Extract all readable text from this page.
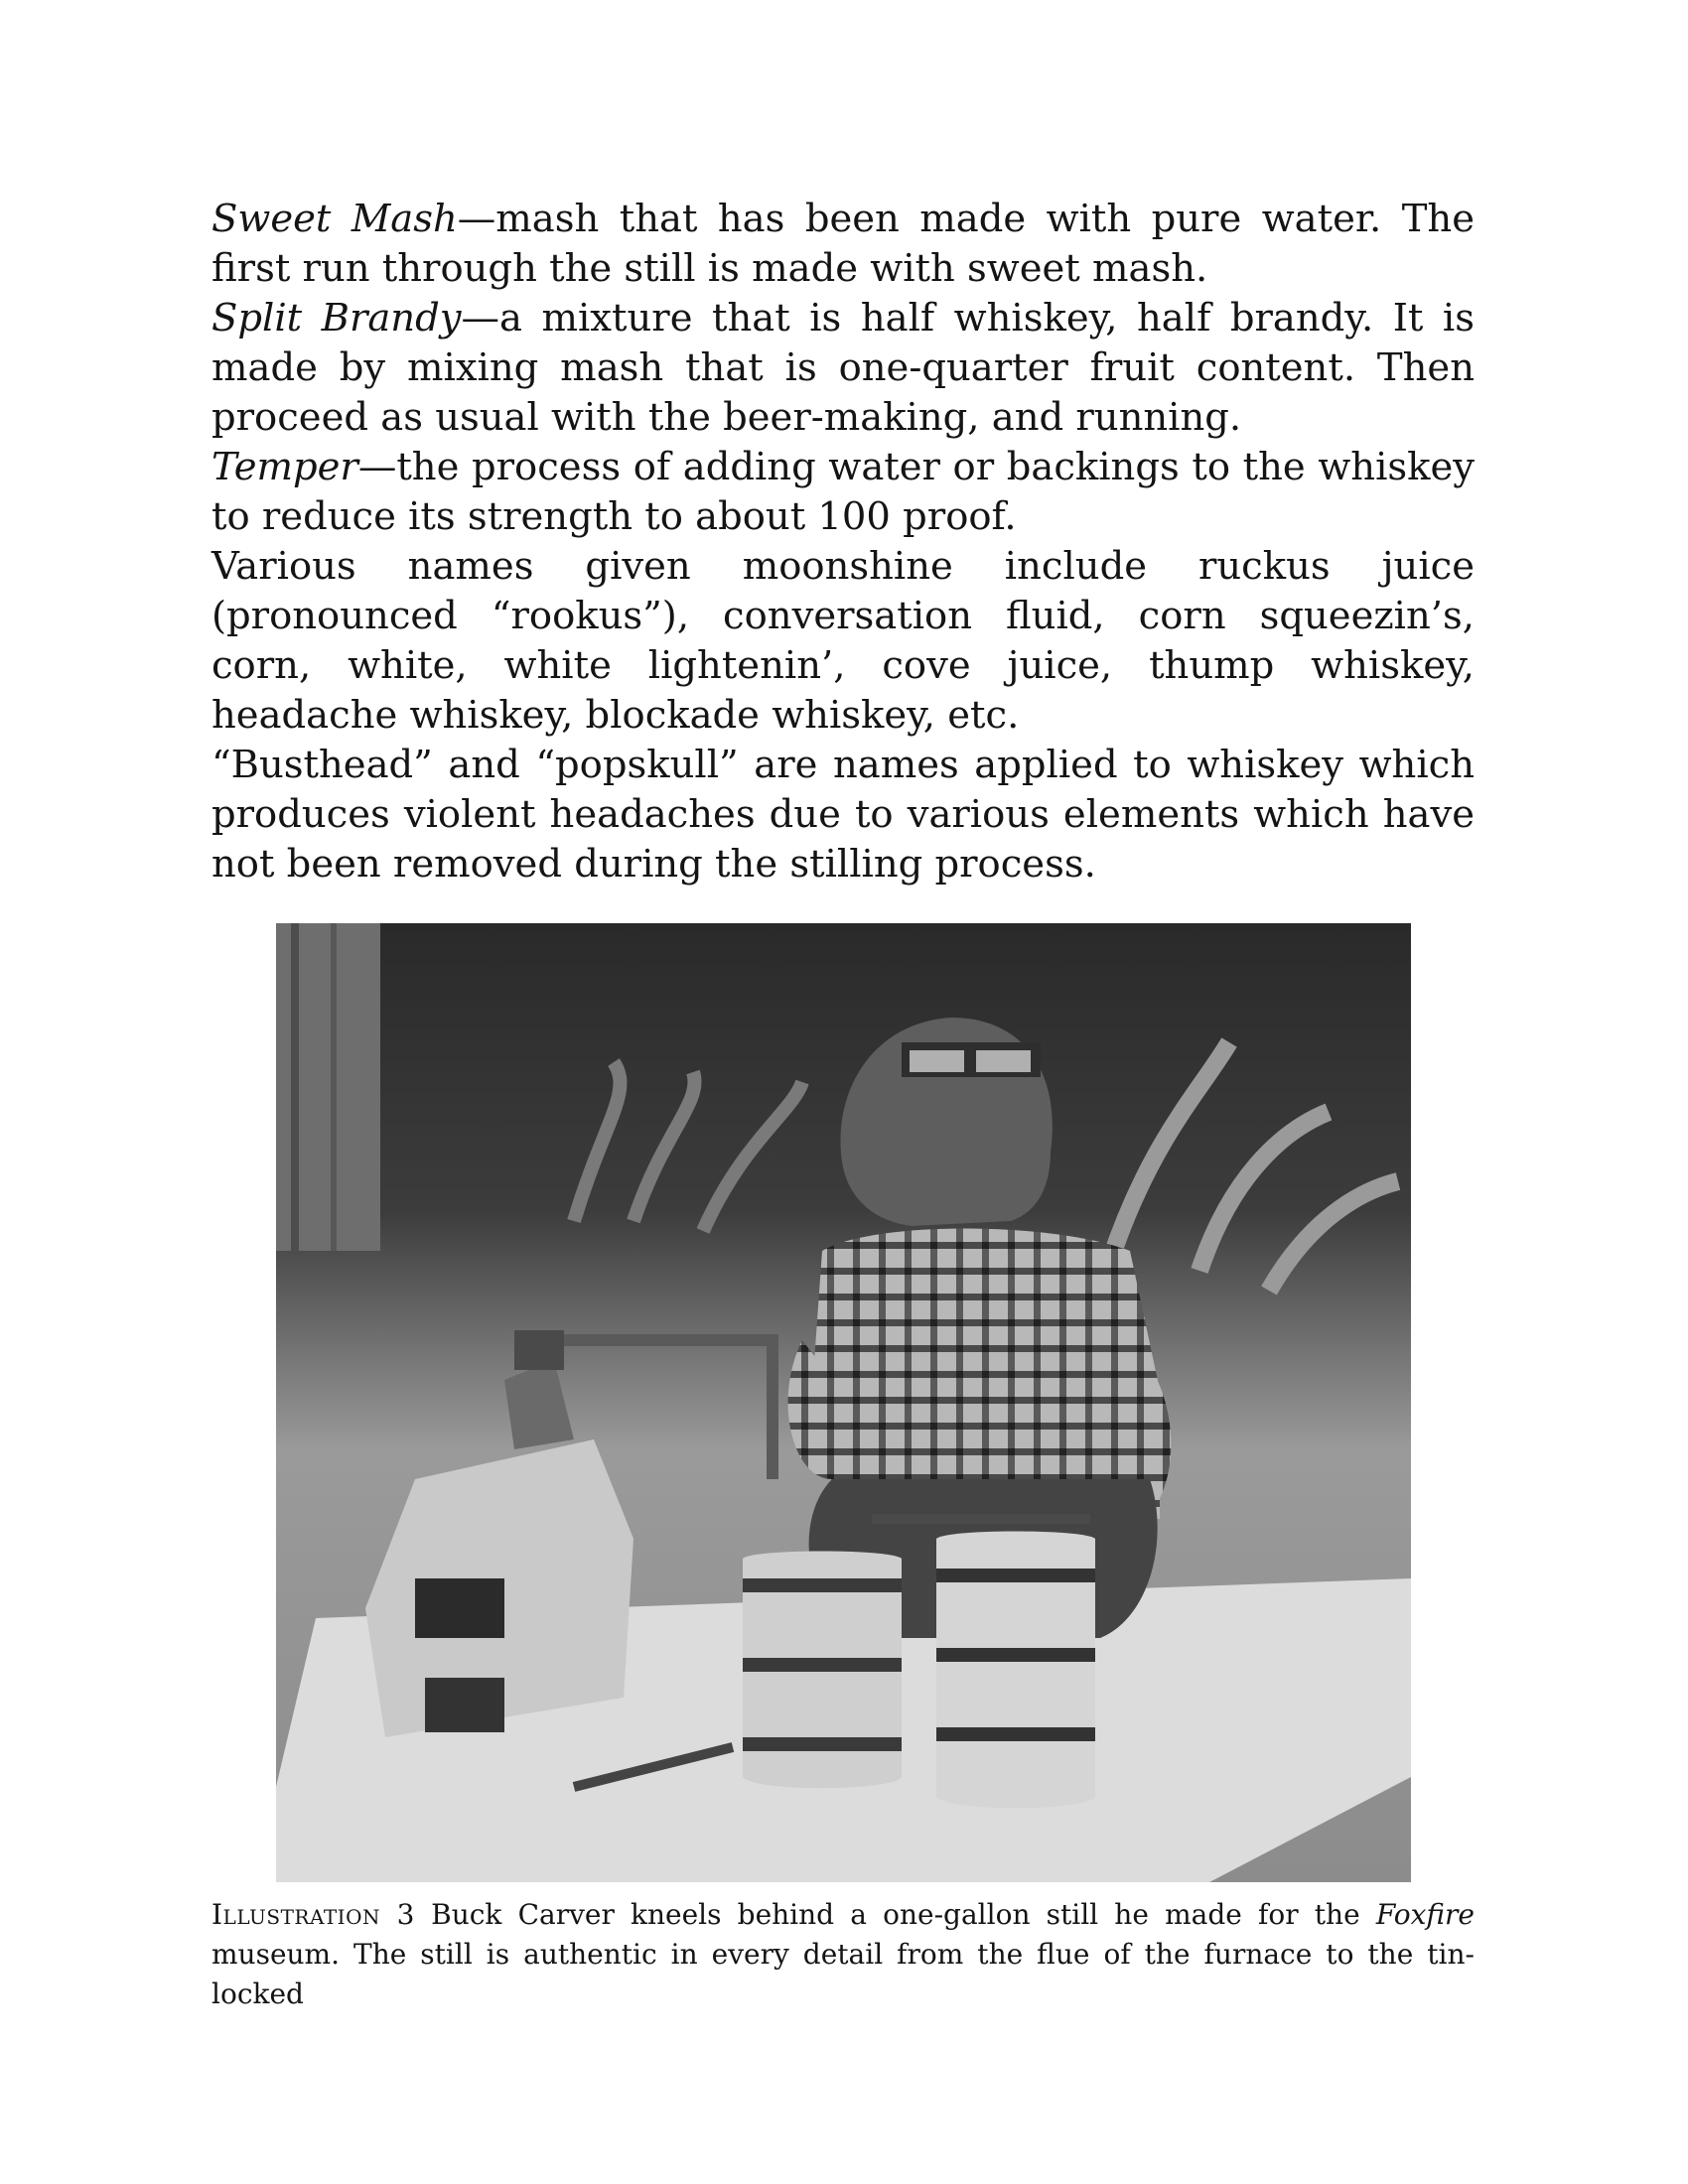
Sweet Mash—mash that has been made with pure water. The first run through the still is made with sweet mash.

Split Brandy—a mixture that is half whiskey, half brandy. It is made by mixing mash that is one-quarter fruit content. Then proceed as usual with the beer-making, and running.

Temper—the process of adding water or backings to the whiskey to reduce its strength to about 100 proof.

Various names given moonshine include ruckus juice (pronounced “rookus”), conversation fluid, corn squeezin’s, corn, white, white lightenin’, cove juice, thump whiskey, headache whiskey, blockade whiskey, etc.

“Busthead” and “popskull” are names applied to whiskey which produces violent headaches due to various elements which have not been removed during the stilling process.

Illustration 3 Buck Carver kneels behind a one-gallon still he made for the Foxfire museum. The still is authentic in every detail from the flue of the furnace to the tin-locked
